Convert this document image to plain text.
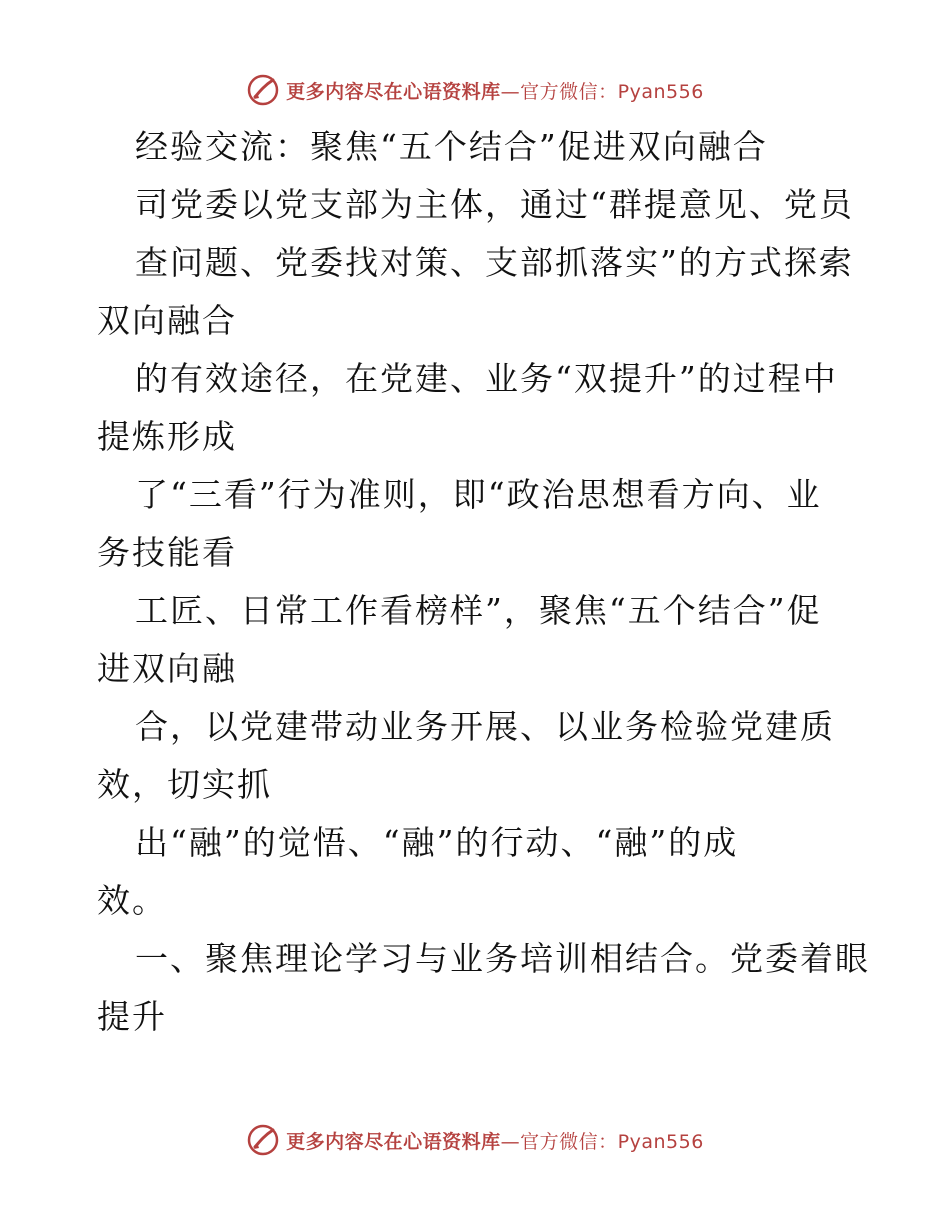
更多内容尽在心语资料库—官方微信：Pyan556
经验交流：聚焦“五个结合”促进双向融合
司党委以党支部为主体，通过“群提意见、党员
查问题、党委找对策、支部抓落实”的方式探索
双向融合
的有效途径，在党建、业务“双提升”的过程中
提炼形成
了“三看”行为准则，即“政治思想看方向、业
务技能看
工匠、日常工作看榜样”，聚焦“五个结合”促
进双向融
合，以党建带动业务开展、以业务检验党建质
效，切实抓
出“融”的觉悟、“融”的行动、“融”的成
效。
一、聚焦理论学习与业务培训相结合。党委着眼
提升
更多内容尽在心语资料库—官方微信：Pyan556
